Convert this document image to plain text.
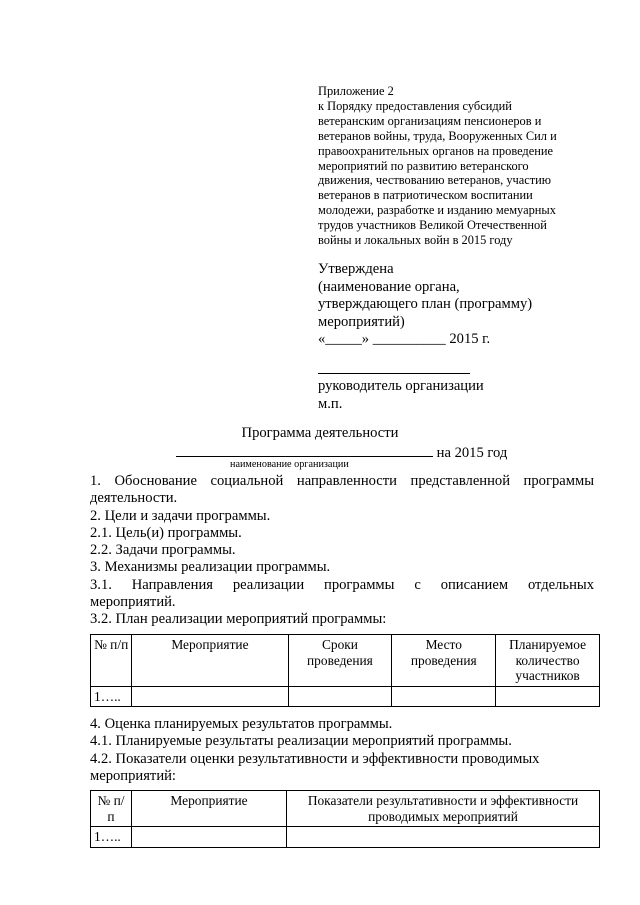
Приложение 2
к Порядку предоставления субсидий
ветеранским организациям пенсионеров и
ветеранов войны, труда, Вооруженных Сил и
правоохранительных органов на проведение
мероприятий по развитию ветеранского
движения, чествованию ветеранов, участию
ветеранов в патриотическом воспитании
молодежи, разработке и изданию мемуарных
трудов участников Великой Отечественной
войны и локальных войн в 2015 году
Утверждена
(наименование органа,
утверждающего план (программу)
мероприятий)
«_____» __________ 2015 г.
руководитель организации
м.п.
Программа деятельности
на 2015 год
наименование организации

1. Обоснование социальной направленности представленной программы

деятельности.

2. Цели и задачи программы.

2.1. Цель(и) программы.

2.2. Задачи программы.

3. Механизмы реализации программы.

3.1. Направления реализации программы с описанием отдельных

мероприятий.

3.2. План реализации мероприятий программы:

№ п/п	Мероприятие	Сроки проведения	Место проведения	Планируемое количество участников
1…..				

4. Оценка планируемых результатов программы.

4.1. Планируемые результаты реализации мероприятий программы.

4.2. Показатели оценки результативности и эффективности проводимых

мероприятий:

№ п/п	Мероприятие	Показатели результативности и эффективности проводимых мероприятий
1…..		
